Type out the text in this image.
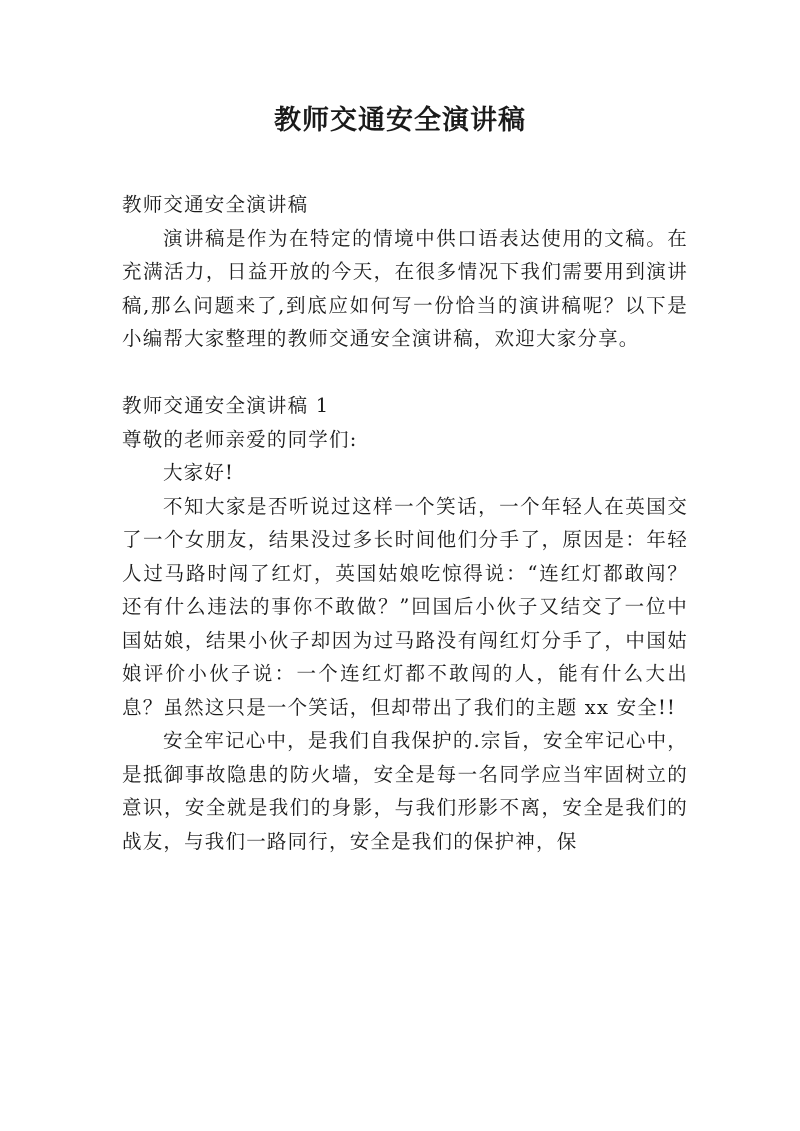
教师交通安全演讲稿

教师交通安全演讲稿

演讲稿是作为在特定的情境中供口语表达使用的文稿。在充满活力，日益开放的今天，在很多情况下我们需要用到演讲稿,那么问题来了,到底应如何写一份恰当的演讲稿呢？以下是小编帮大家整理的教师交通安全演讲稿，欢迎大家分享。

教师交通安全演讲稿 1

尊敬的老师亲爱的同学们:

大家好!

不知大家是否听说过这样一个笑话，一个年轻人在英国交了一个女朋友，结果没过多长时间他们分手了，原因是：年轻人过马路时闯了红灯，英国姑娘吃惊得说：“连红灯都敢闯？还有什么违法的事你不敢做？”回国后小伙子又结交了一位中国姑娘，结果小伙子却因为过马路没有闯红灯分手了，中国姑娘评价小伙子说：一个连红灯都不敢闯的人，能有什么大出息？虽然这只是一个笑话，但却带出了我们的主题 xx 安全!!

安全牢记心中，是我们自我保护的.宗旨，安全牢记心中，是抵御事故隐患的防火墙，安全是每一名同学应当牢固树立的意识，安全就是我们的身影，与我们形影不离，安全是我们的战友，与我们一路同行，安全是我们的保护神，保
